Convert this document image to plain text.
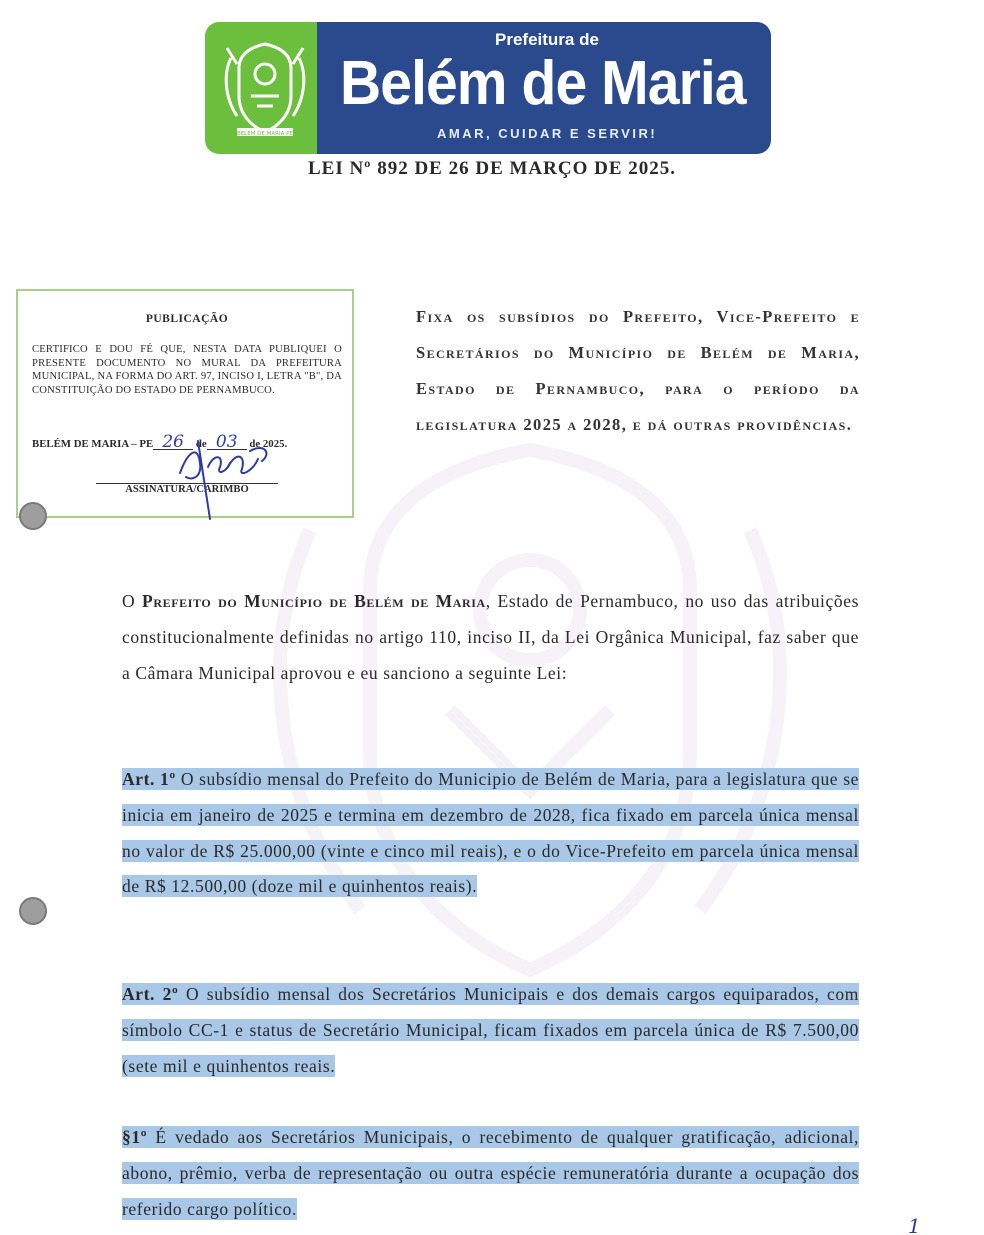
BELÉM DE MARIA-PE
Prefeitura de
Belém de Maria
AMAR, CUIDAR E SERVIR!
LEI Nº 892 DE 26 DE MARÇO DE 2025.
PUBLICAÇÃO
CERTIFICO E DOU FÉ QUE, NESTA DATA PUBLIQUEI O PRESENTE DOCUMENTO NO MURAL DA PREFEITURA MUNICIPAL, NA FORMA DO ART. 97, INCISO I, LETRA "B", DA CONSTITUIÇÃO DO ESTADO DE PERNAMBUCO.
BELÉM DE MARIA – PE 26 de 03 de 2025.
ASSINATURA/CARIMBO
Fixa os subsídios do Prefeito, Vice-Prefeito e Secretários do Município de Belém de Maria, Estado de Pernambuco, para o período da legislatura 2025 a 2028, e dá outras providências.
O Prefeito do Município de Belém de Maria, Estado de Pernambuco, no uso das atribuições constitucionalmente definidas no artigo 110, inciso II, da Lei Orgânica Municipal, faz saber que a Câmara Municipal aprovou e eu sanciono a seguinte Lei:
Art. 1º O subsídio mensal do Prefeito do Municipio de Belém de Maria, para a legislatura que se inicia em janeiro de 2025 e termina em dezembro de 2028, fica fixado em parcela única mensal no valor de R$ 25.000,00 (vinte e cinco mil reais), e o do Vice-Prefeito em parcela única mensal de R$ 12.500,00 (doze mil e quinhentos reais).
Art. 2º O subsídio mensal dos Secretários Municipais e dos demais cargos equiparados, com símbolo CC-1 e status de Secretário Municipal, ficam fixados em parcela única de R$ 7.500,00 (sete mil e quinhentos reais.
§1º É vedado aos Secretários Municipais, o recebimento de qualquer gratificação, adicional, abono, prêmio, verba de representação ou outra espécie remuneratória durante a ocupação dos referido cargo político.
1
